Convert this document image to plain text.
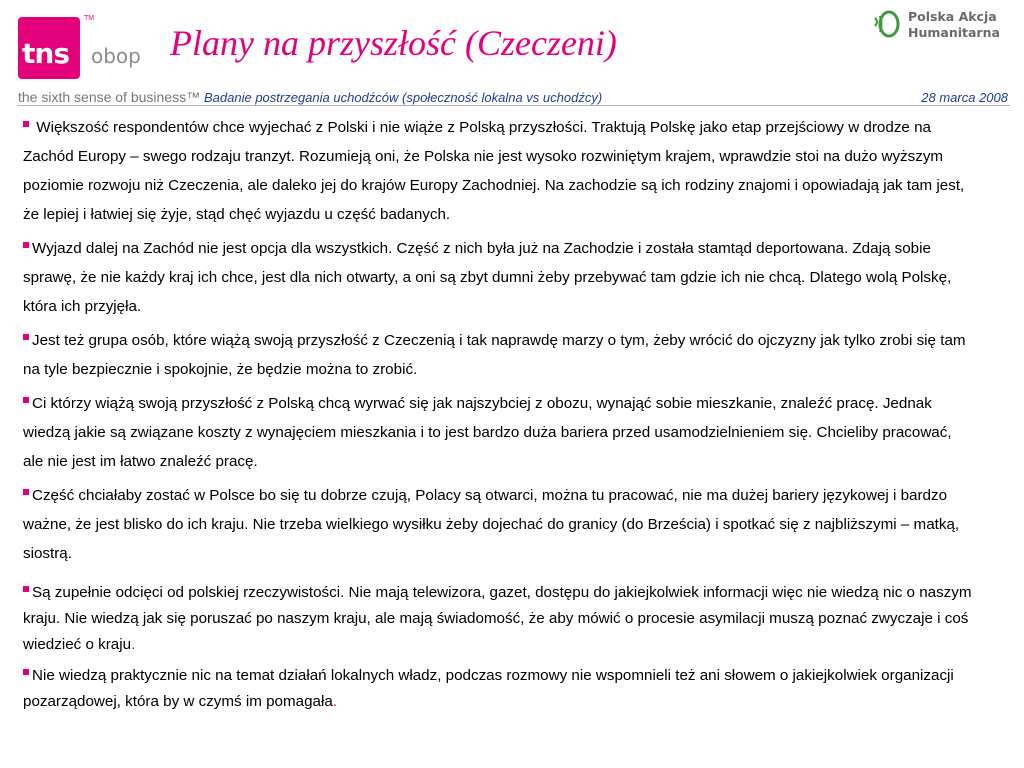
tns
TM
obop
the sixth sense of business™
Plany na przyszłość (Czeczeni)
Polska Akcja
Humanitarna
Badanie postrzegania uchodźców (społeczność lokalna vs uchodźcy)	28 marca 2008

Większość respondentów chce wyjechać z Polski i nie wiąże z Polską przyszłości. Traktują Polskę jako etap przejściowy w drodze na Zachód Europy – swego rodzaju tranzyt. Rozumieją oni, że Polska nie jest wysoko rozwiniętym krajem, wprawdzie stoi na dużo wyższym poziomie rozwoju niż Czeczenia, ale daleko jej do krajów Europy Zachodniej. Na zachodzie są ich rodziny znajomi i opowiadają jak tam jest, że lepiej i łatwiej się żyje, stąd chęć wyjazdu u część badanych.

Wyjazd dalej na Zachód nie jest opcja dla wszystkich. Część z nich była już na Zachodzie i została stamtąd deportowana. Zdają sobie sprawę, że nie każdy kraj ich chce, jest dla nich otwarty, a oni są zbyt dumni żeby przebywać tam gdzie ich nie chcą. Dlatego wolą Polskę, która ich przyjęła.

Jest też grupa osób, które wiążą swoją przyszłość z Czeczenią i tak naprawdę marzy o tym, żeby wrócić do ojczyzny jak tylko zrobi się tam na tyle bezpiecznie i spokojnie, że będzie można to zrobić.

Ci którzy wiążą swoją przyszłość z Polską chcą wyrwać się jak najszybciej z obozu, wynająć sobie mieszkanie, znaleźć pracę. Jednak wiedzą jakie są związane koszty z wynajęciem mieszkania i to jest bardzo duża bariera przed usamodzielnieniem się. Chcieliby pracować, ale nie jest im łatwo znaleźć pracę.

Część chciałaby zostać w Polsce bo się tu dobrze czują, Polacy są otwarci, można tu pracować, nie ma dużej bariery językowej i bardzo ważne, że jest blisko do ich kraju. Nie trzeba wielkiego wysiłku żeby dojechać do granicy (do Brześcia) i spotkać się z najbliższymi – matką, siostrą.

Są zupełnie odcięci od polskiej rzeczywistości. Nie mają telewizora, gazet, dostępu do jakiejkolwiek informacji więc nie wiedzą nic o naszym kraju. Nie wiedzą jak się poruszać po naszym kraju, ale mają świadomość, że aby mówić o procesie asymilacji muszą poznać zwyczaje i coś wiedzieć o kraju.

Nie wiedzą praktycznie nic na temat działań lokalnych władz, podczas rozmowy nie wspomnieli też ani słowem o jakiejkolwiek organizacji pozarządowej, która by w czymś im pomagała.
